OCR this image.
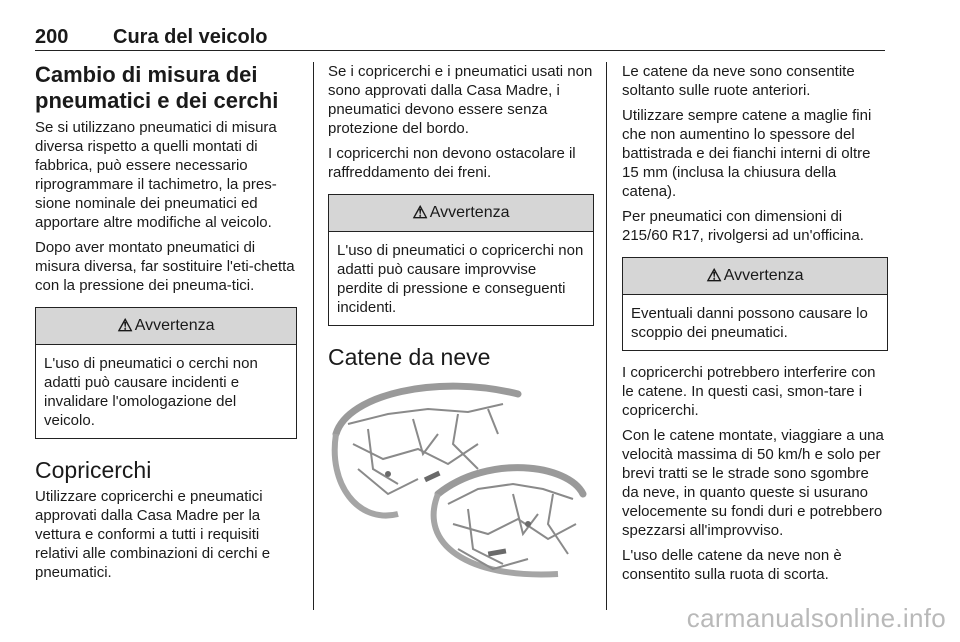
200 Cura del veicolo
Cambio di misura dei pneumatici e dei cerchi

Se si utilizzano pneumatici di misura diversa rispetto a quelli montati di fabbrica, può essere necessario riprogrammare il tachimetro, la pres-sione nominale dei pneumatici ed apportare altre modifiche al veicolo.

Dopo aver montato pneumatici di misura diversa, far sostituire l'eti-chetta con la pressione dei pneuma-tici.

⚠ Avvertenza
L'uso di pneumatici o cerchi non adatti può causare incidenti e invalidare l'omologazione del veicolo.
Copricerchi

Utilizzare copricerchi e pneumatici approvati dalla Casa Madre per la vettura e conformi a tutti i requisiti relativi alle combinazioni di cerchi e pneumatici.

Se i copricerchi e i pneumatici usati non sono approvati dalla Casa Madre, i pneumatici devono essere senza protezione del bordo.

I copricerchi non devono ostacolare il raffreddamento dei freni.

⚠ Avvertenza
L'uso di pneumatici o copricerchi non adatti può causare improvvise perdite di pressione e conseguenti incidenti.
Catene da neve

Le catene da neve sono consentite soltanto sulle ruote anteriori.

Utilizzare sempre catene a maglie fini che non aumentino lo spessore del battistrada e dei fianchi interni di oltre 15 mm (inclusa la chiusura della catena).

Per pneumatici con dimensioni di 215/60 R17, rivolgersi ad un'officina.

⚠ Avvertenza
Eventuali danni possono causare lo scoppio dei pneumatici.

I copricerchi potrebbero interferire con le catene. In questi casi, smon-tare i copricerchi.

Con le catene montate, viaggiare a una velocità massima di 50 km/h e solo per brevi tratti se le strade sono sgombre da neve, in quanto queste si usurano velocemente su fondi duri e potrebbero spezzarsi all'improvviso.

L'uso delle catene da neve non è consentito sulla ruota di scorta.

carmanualsonline.info
